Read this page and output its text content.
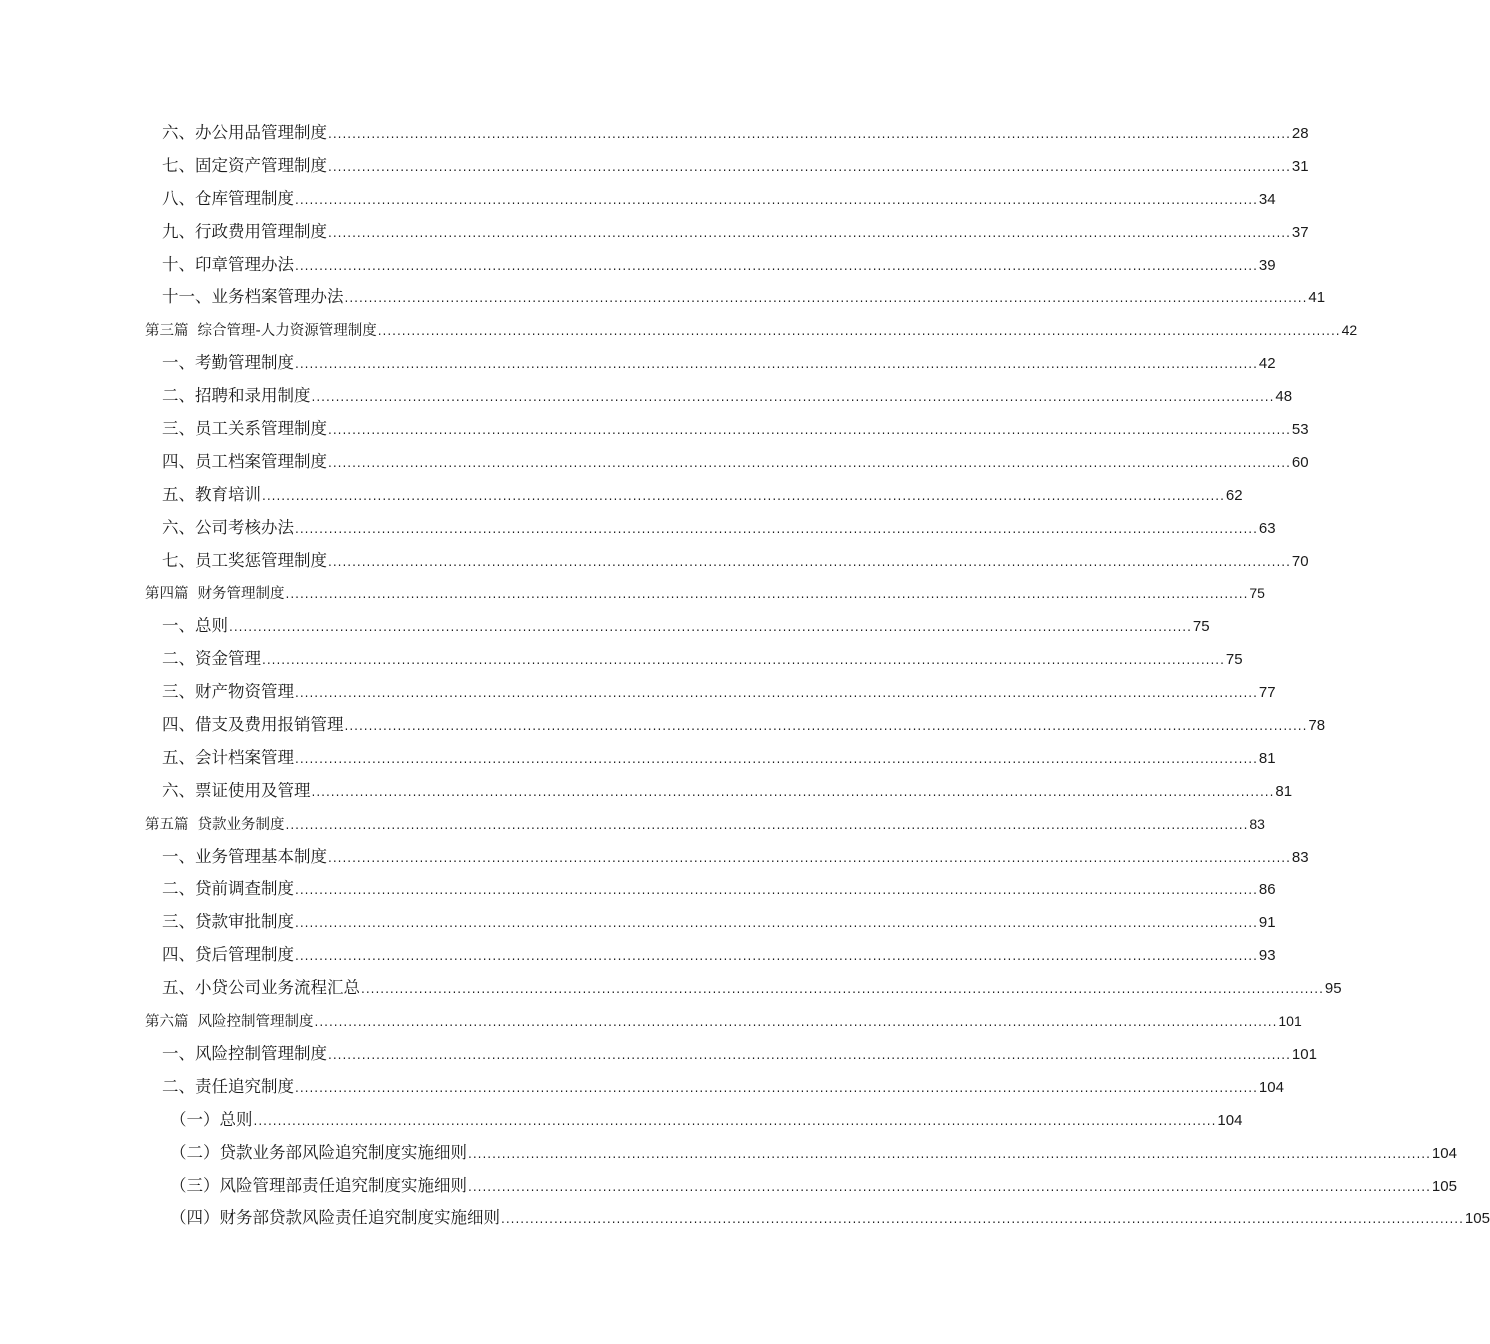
六、办公用品管理制度 ........................................................................................................................................................................................................ 28
七、固定资产管理制度 ........................................................................................................................................................................................................ 31
八、仓库管理制度 ........................................................................................................................................................................................................ 34
九、行政费用管理制度 ........................................................................................................................................................................................................ 37
十、印章管理办法 ........................................................................................................................................................................................................ 39
十一、业务档案管理办法 ........................................................................................................................................................................................................ 41
第三篇 综合管理-人力资源管理制度 ........................................................................................................................................................................................................ 42
一、考勤管理制度 ........................................................................................................................................................................................................ 42
二、招聘和录用制度 ........................................................................................................................................................................................................ 48
三、员工关系管理制度 ........................................................................................................................................................................................................ 53
四、员工档案管理制度 ........................................................................................................................................................................................................ 60
五、教育培训 ........................................................................................................................................................................................................ 62
六、公司考核办法 ........................................................................................................................................................................................................ 63
七、员工奖惩管理制度 ........................................................................................................................................................................................................ 70
第四篇 财务管理制度 ........................................................................................................................................................................................................ 75
一、总则 ........................................................................................................................................................................................................ 75
二、资金管理 ........................................................................................................................................................................................................ 75
三、财产物资管理 ........................................................................................................................................................................................................ 77
四、借支及费用报销管理 ........................................................................................................................................................................................................ 78
五、会计档案管理 ........................................................................................................................................................................................................ 81
六、票证使用及管理 ........................................................................................................................................................................................................ 81
第五篇 贷款业务制度 ........................................................................................................................................................................................................ 83
一、业务管理基本制度 ........................................................................................................................................................................................................ 83
二、贷前调查制度 ........................................................................................................................................................................................................ 86
三、贷款审批制度 ........................................................................................................................................................................................................ 91
四、贷后管理制度 ........................................................................................................................................................................................................ 93
五、小贷公司业务流程汇总 ........................................................................................................................................................................................................ 95
第六篇 风险控制管理制度 ........................................................................................................................................................................................................ 101
一、风险控制管理制度 ........................................................................................................................................................................................................ 101
二、责任追究制度 ........................................................................................................................................................................................................ 104
（一）总则 ........................................................................................................................................................................................................ 104
（二）贷款业务部风险追究制度实施细则 ........................................................................................................................................................................................................ 104
（三）风险管理部责任追究制度实施细则 ........................................................................................................................................................................................................ 105
（四）财务部贷款风险责任追究制度实施细则 ........................................................................................................................................................................................................ 105
